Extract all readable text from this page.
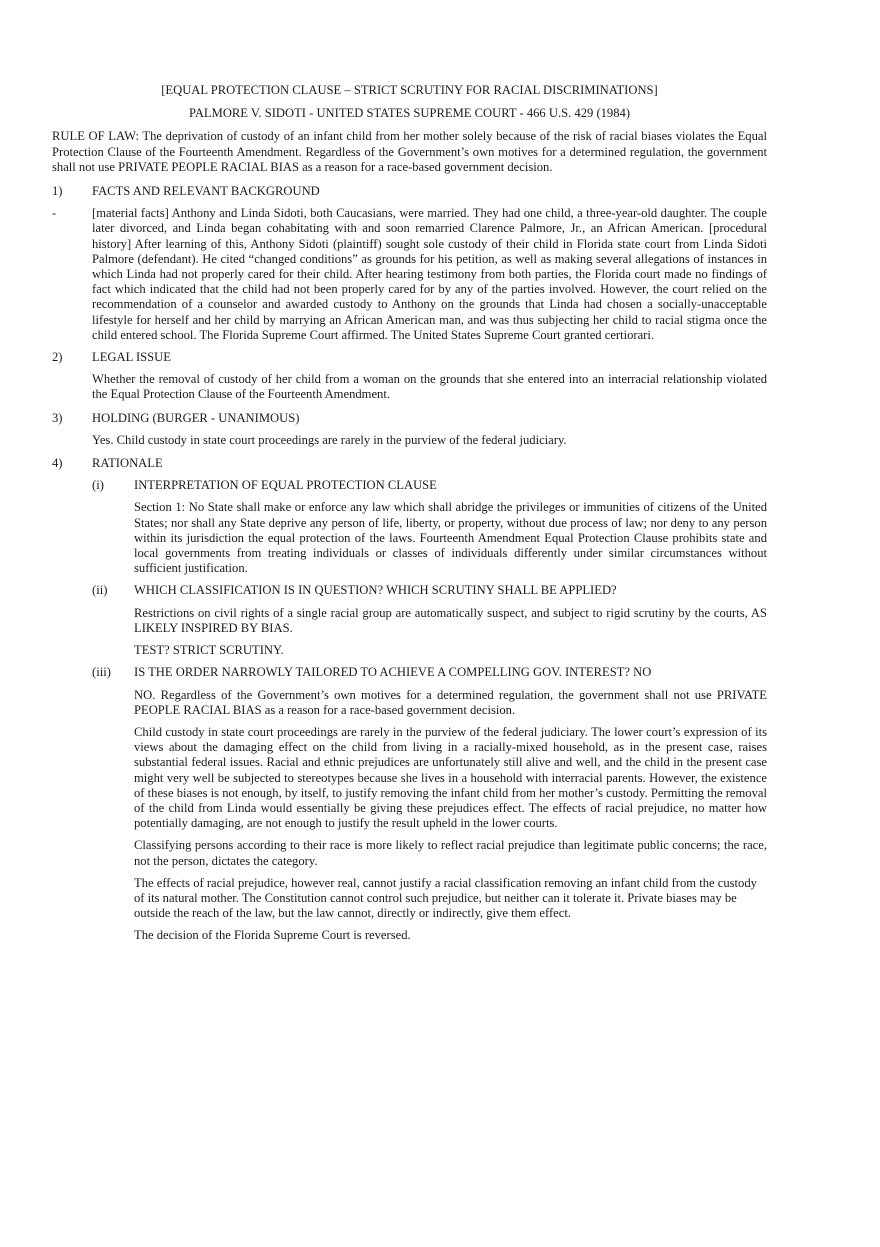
[EQUAL PROTECTION CLAUSE – STRICT SCRUTINY FOR RACIAL DISCRIMINATIONS]
PALMORE V. SIDOTI - UNITED STATES SUPREME COURT - 466 U.S. 429 (1984)
RULE OF LAW: The deprivation of custody of an infant child from her mother solely because of the risk of racial biases violates the Equal Protection Clause of the Fourteenth Amendment. Regardless of the Government’s own motives for a determined regulation, the government shall not use PRIVATE PEOPLE RACIAL BIAS as a reason for a race-based government decision.
1) FACTS AND RELEVANT BACKGROUND
-	[material facts] Anthony and Linda Sidoti, both Caucasians, were married. They had one child, a three-year-old daughter. The couple later divorced, and Linda began cohabitating with and soon remarried Clarence Palmore, Jr., an African American. [procedural history] After learning of this, Anthony Sidoti (plaintiff) sought sole custody of their child in Florida state court from Linda Sidoti Palmore (defendant). He cited “changed conditions” as grounds for his petition, as well as making several allegations of instances in which Linda had not properly cared for their child. After hearing testimony from both parties, the Florida court made no findings of fact which indicated that the child had not been properly cared for by any of the parties involved. However, the court relied on the recommendation of a counselor and awarded custody to Anthony on the grounds that Linda had chosen a socially-unacceptable lifestyle for herself and her child by marrying an African American man, and was thus subjecting her child to racial stigma once the child entered school. The Florida Supreme Court affirmed. The United States Supreme Court granted certiorari.
2) LEGAL ISSUE
Whether the removal of custody of her child from a woman on the grounds that she entered into an interracial relationship violated the Equal Protection Clause of the Fourteenth Amendment.
3) HOLDING (BURGER - UNANIMOUS)
Yes. Child custody in state court proceedings are rarely in the purview of the federal judiciary.
4) RATIONALE
(i) INTERPRETATION OF EQUAL PROTECTION CLAUSE
Section 1: No State shall make or enforce any law which shall abridge the privileges or immunities of citizens of the United States; nor shall any State deprive any person of life, liberty, or property, without due process of law; nor deny to any person within its jurisdiction the equal protection of the laws. Fourteenth Amendment Equal Protection Clause prohibits state and local governments from treating individuals or classes of individuals differently under similar circumstances without sufficient justification.
(ii) WHICH CLASSIFICATION IS IN QUESTION? WHICH SCRUTINY SHALL BE APPLIED?
Restrictions on civil rights of a single racial group are automatically suspect, and subject to rigid scrutiny by the courts, AS LIKELY INSPIRED BY BIAS.
TEST? STRICT SCRUTINY.
(iii) IS THE ORDER NARROWLY TAILORED TO ACHIEVE A COMPELLING GOV. INTEREST? NO
NO. Regardless of the Government’s own motives for a determined regulation, the government shall not use PRIVATE PEOPLE RACIAL BIAS as a reason for a race-based government decision.
Child custody in state court proceedings are rarely in the purview of the federal judiciary. The lower court’s expression of its views about the damaging effect on the child from living in a racially-mixed household, as in the present case, raises substantial federal issues. Racial and ethnic prejudices are unfortunately still alive and well, and the child in the present case might very well be subjected to stereotypes because she lives in a household with interracial parents. However, the existence of these biases is not enough, by itself, to justify removing the infant child from her mother’s custody. Permitting the removal of the child from Linda would essentially be giving these prejudices effect. The effects of racial prejudice, no matter how potentially damaging, are not enough to justify the result upheld in the lower courts.
Classifying persons according to their race is more likely to reflect racial prejudice than legitimate public concerns; the race, not the person, dictates the category.
The effects of racial prejudice, however real, cannot justify a racial classification removing an infant child from the custody of its natural mother. The Constitution cannot control such prejudice, but neither can it tolerate it. Private biases may be outside the reach of the law, but the law cannot, directly or indirectly, give them effect.
The decision of the Florida Supreme Court is reversed.
